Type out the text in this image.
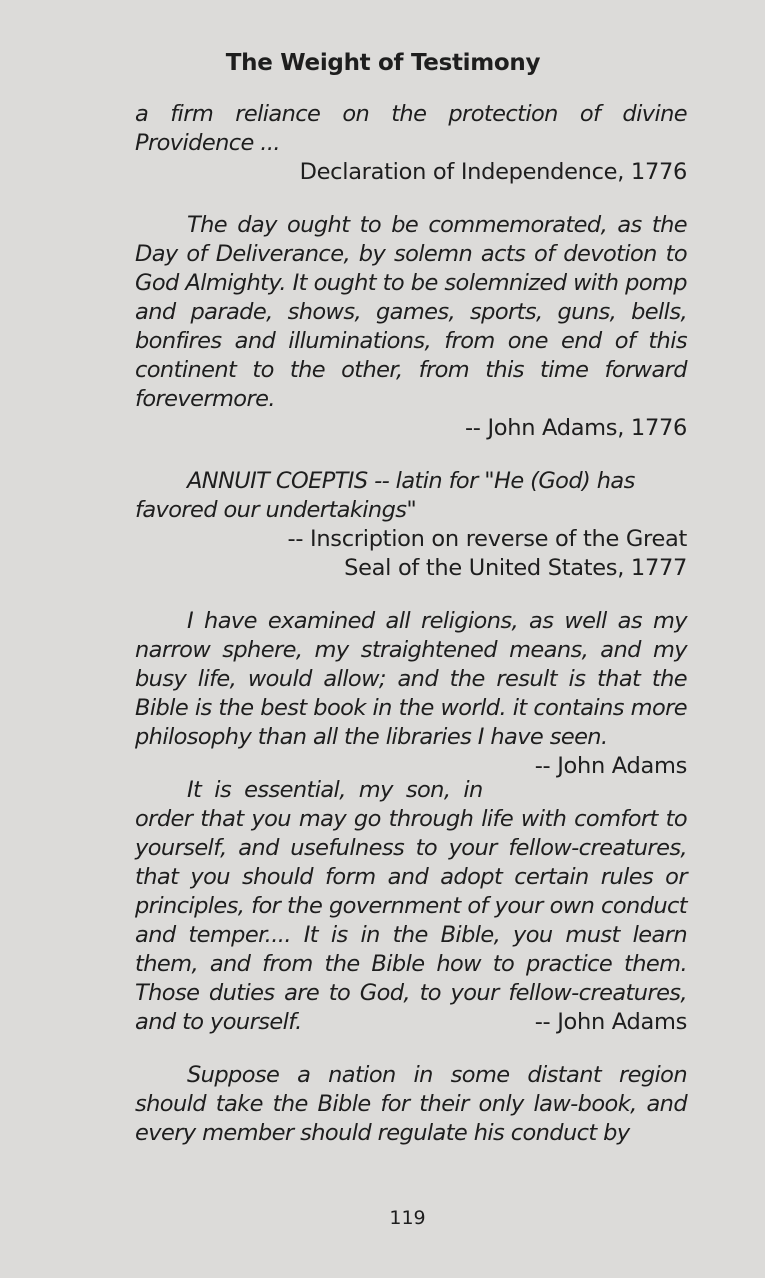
The Weight of Testimony

a firm reliance on the protection of divine Providence ...

Declaration of Independence, 1776

The day ought to be commemorated, as the Day of Deliverance, by solemn acts of devotion to God Almighty. It ought to be solemnized with pomp and parade, shows, games, sports, guns, bells, bonfires and illuminations, from one end of this continent to the other, from this time forward forevermore.

-- John Adams, 1776

ANNUIT COEPTIS -- latin for "He (God) has favored our undertakings"

-- Inscription on reverse of the Great

Seal of the United States, 1777

I have examined all religions, as well as my narrow sphere, my straightened means, and my busy life, would allow; and the result is that the Bible is the best book in the world. it contains more philosophy than all the libraries I have seen.
-- John Adams

It is essential, my son, in order that you may go through life with comfort to yourself, and usefulness to your fellow-creatures, that you should form and adopt certain rules or principles, for the government of your own conduct and temper.... It is in the Bible, you must learn them, and from the Bible how to practice them. Those duties are to God, to your fellow-creatures, and to yourself.	-- John Adams

Suppose a nation in some distant region should take the Bible for their only law-book, and every member should regulate his conduct by

119
